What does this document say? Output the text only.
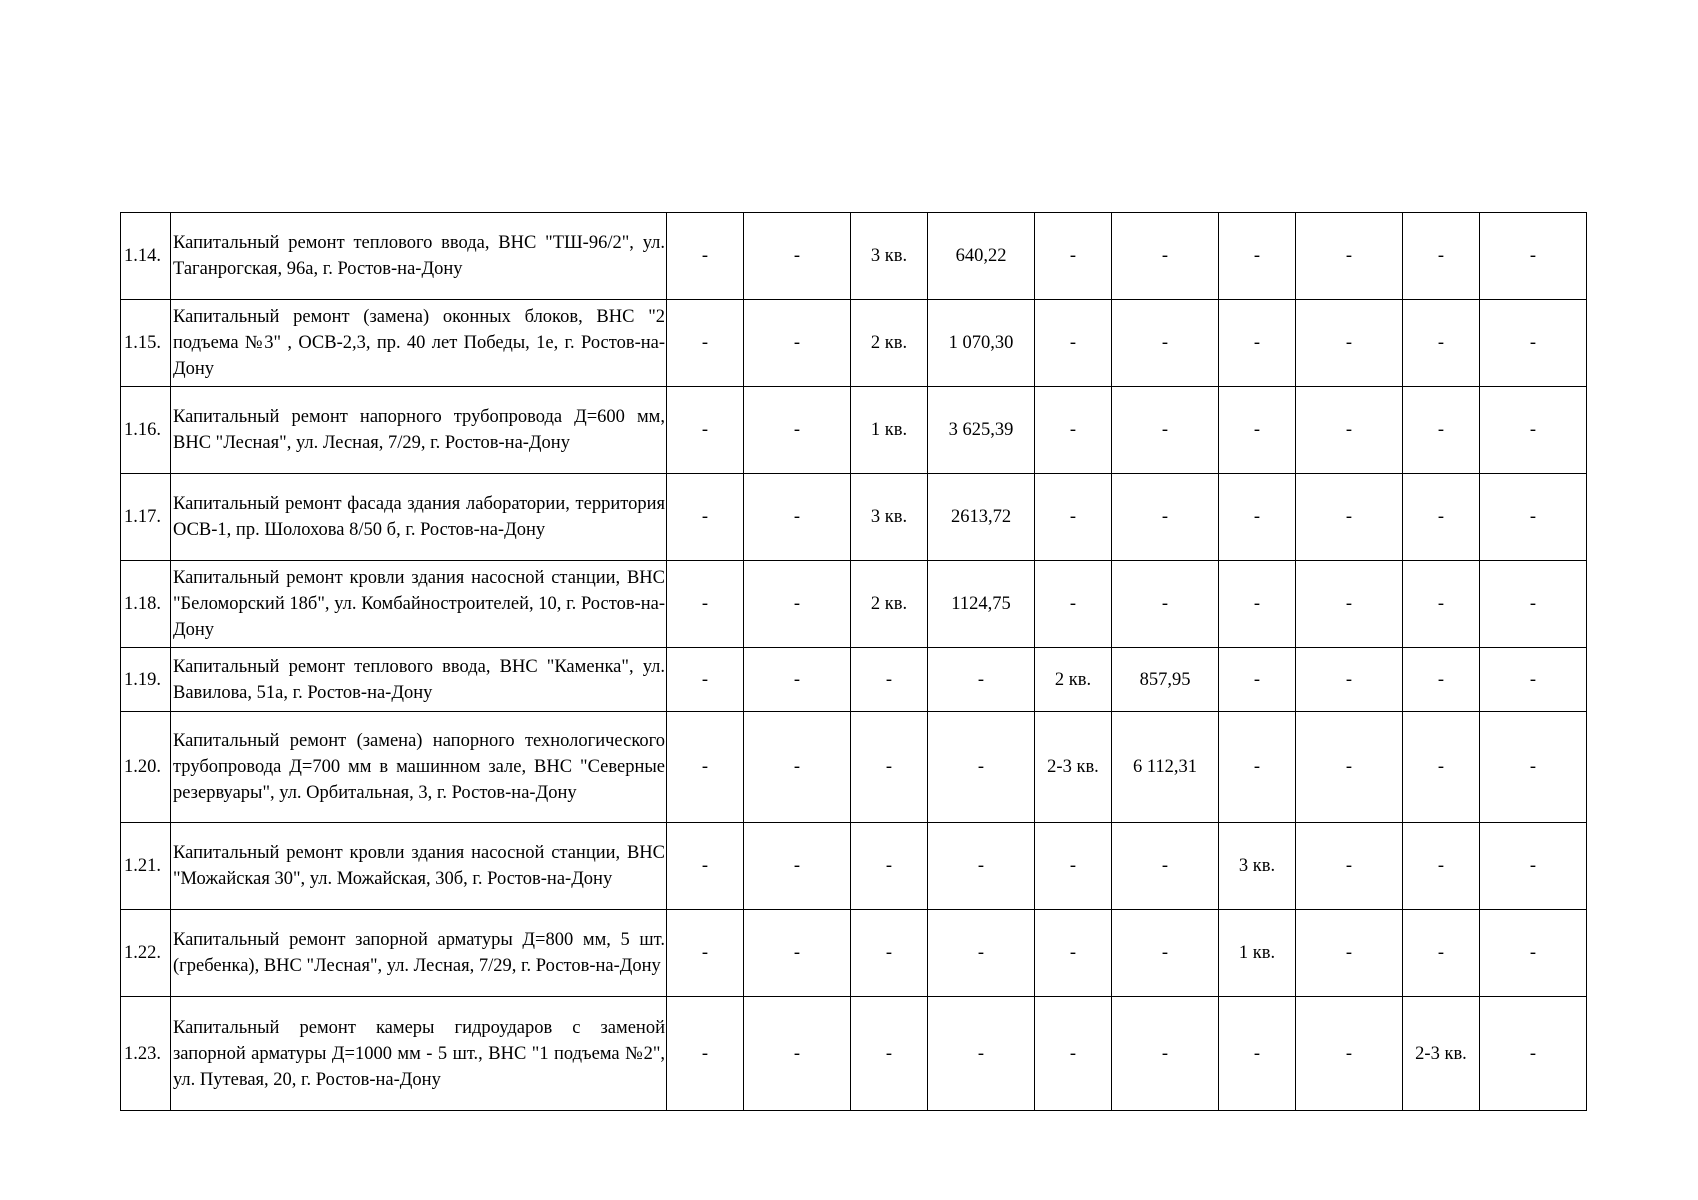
1.14.	Капитальный ремонт теплового ввода, ВНС "ТШ-96/2", ул. Таганрогская, 96а, г. Ростов-на-Дону	-	-	3 кв.	640,22	-	-	-	-	-	-
1.15.	Капитальный ремонт (замена) оконных блоков, ВНС "2 подъема №3" , ОСВ-2,3, пр. 40 лет Победы, 1е, г. Ростов-на-Дону	-	-	2 кв.	1 070,30	-	-	-	-	-	-
1.16.	Капитальный ремонт напорного трубопровода Д=600 мм, ВНС "Лесная", ул. Лесная, 7/29, г. Ростов-на-Дону	-	-	1 кв.	3 625,39	-	-	-	-	-	-
1.17.	Капитальный ремонт фасада здания лаборатории, территория ОСВ-1, пр. Шолохова 8/50 б, г. Ростов-на-Дону	-	-	3 кв.	2613,72	-	-	-	-	-	-
1.18.	Капитальный ремонт кровли здания насосной станции, ВНС "Беломорский 18б", ул. Комбайностроителей, 10, г. Ростов-на-Дону	-	-	2 кв.	1124,75	-	-	-	-	-	-
1.19.	Капитальный ремонт теплового ввода, ВНС "Каменка", ул. Вавилова, 51а, г. Ростов-на-Дону	-	-	-	-	2 кв.	857,95	-	-	-	-
1.20.	Капитальный ремонт (замена) напорного технологического трубопровода Д=700 мм в машинном зале, ВНС "Северные резервуары", ул. Орбитальная, 3, г. Ростов-на-Дону	-	-	-	-	2-3 кв.	6 112,31	-	-	-	-
1.21.	Капитальный ремонт кровли здания насосной станции, ВНС "Можайская 30", ул. Можайская, 30б, г. Ростов-на-Дону	-	-	-	-	-	-	3 кв.	-	-	-
1.22.	Капитальный ремонт запорной арматуры Д=800 мм, 5 шт. (гребенка), ВНС "Лесная", ул. Лесная, 7/29, г. Ростов-на-Дону	-	-	-	-	-	-	1 кв.	-	-	-
1.23.	Капитальный ремонт камеры гидроударов с заменой запорной арматуры Д=1000 мм - 5 шт., ВНС "1 подъема №2", ул. Путевая, 20, г. Ростов-на-Дону	-	-	-	-	-	-	-	-	2-3 кв.	-
